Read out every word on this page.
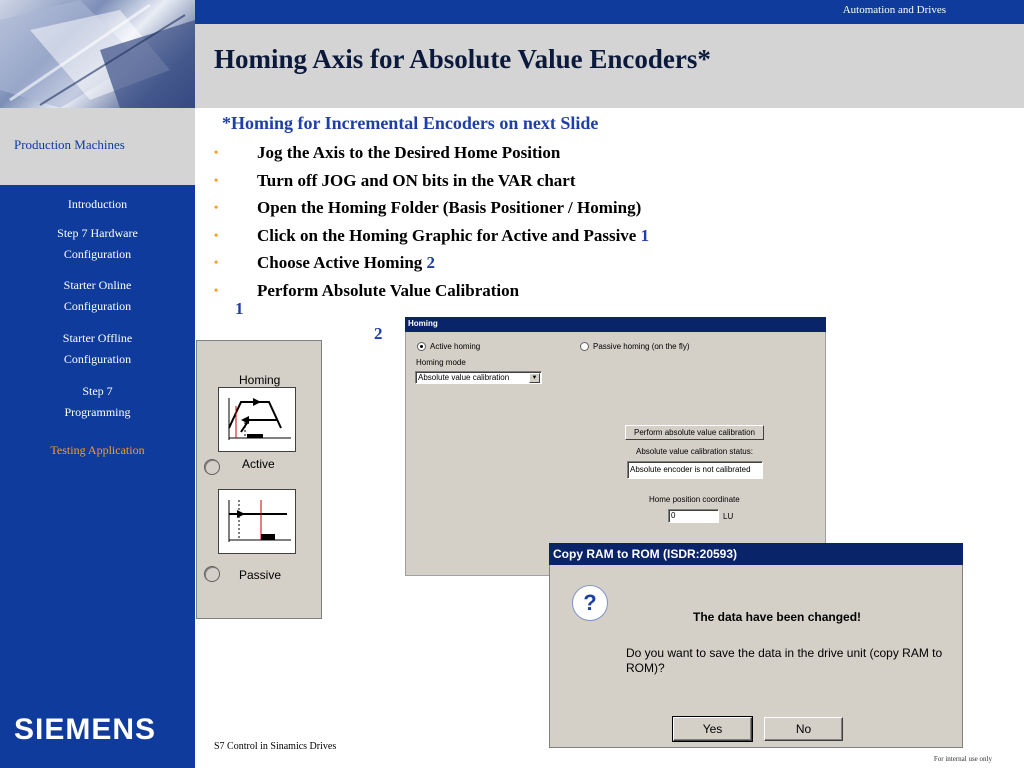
Production Machines
Introduction
Step 7 Hardware
Configuration
Starter Online
Configuration
Starter Offline
Configuration
Step 7
Programming
Testing Application
SIEMENS
Automation and Drives
Homing Axis for Absolute Value Encoders*
*Homing for Incremental Encoders on next Slide
• Jog the Axis to the Desired Home Position
• Turn off JOG and ON bits in the VAR chart
• Open the Homing Folder (Basis Positioner / Homing)
• Click on the Homing Graphic for Active and Passive 1
• Choose Active Homing 2
• Perform Absolute Value Calibration
1
2
Homing
Active
Passive
Homing
Active homing	Passive homing (on the fly)
Homing mode
Absolute value calibration	▼
Perform absolute value calibration
Absolute value calibration status:
Absolute encoder is not calibrated
Home position coordinate
0	LU
Copy RAM to ROM (ISDR:20593)
?
The data have been changed!
Do you want to save the data in the drive unit (copy RAM to ROM)?
Yes	No
S7 Control in Sinamics Drives
For internal use only
